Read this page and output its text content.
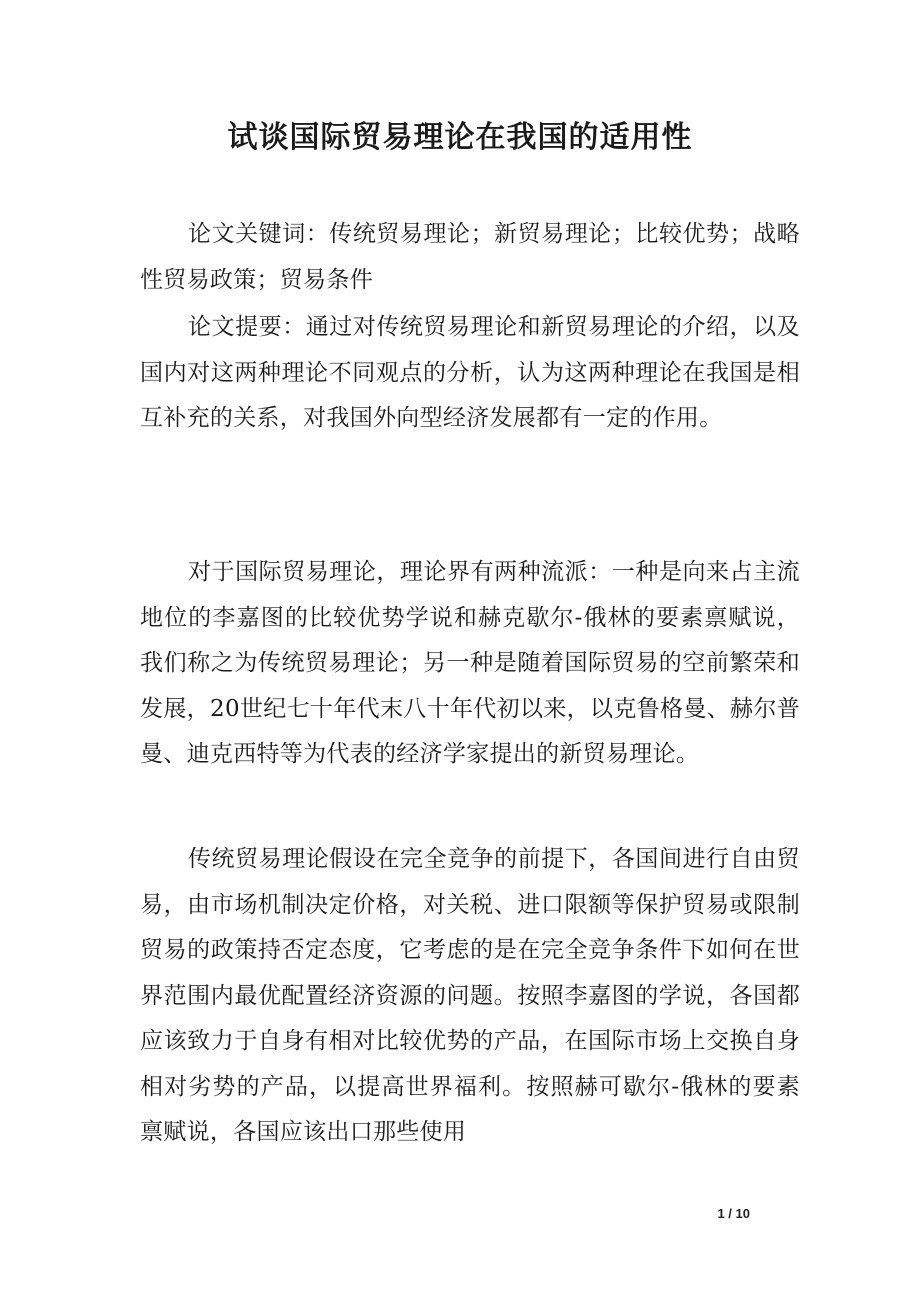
试谈国际贸易理论在我国的适用性

论文关键词：传统贸易理论；新贸易理论；比较优势；战略性贸易政策；贸易条件

论文提要：通过对传统贸易理论和新贸易理论的介绍，以及国内对这两种理论不同观点的分析，认为这两种理论在我国是相互补充的关系，对我国外向型经济发展都有一定的作用。

对于国际贸易理论，理论界有两种流派：一种是向来占主流地位的李嘉图的比较优势学说和赫克歇尔-俄林的要素禀赋说，我们称之为传统贸易理论；另一种是随着国际贸易的空前繁荣和发展，20世纪七十年代末八十年代初以来，以克鲁格曼、赫尔普曼、迪克西特等为代表的经济学家提出的新贸易理论。

传统贸易理论假设在完全竞争的前提下，各国间进行自由贸易，由市场机制决定价格，对关税、进口限额等保护贸易或限制贸易的政策持否定态度，它考虑的是在完全竞争条件下如何在世界范围内最优配置经济资源的问题。按照李嘉图的学说，各国都应该致力于自身有相对比较优势的产品，在国际市场上交换自身相对劣势的产品，以提高世界福利。按照赫可歇尔-俄林的要素禀赋说，各国应该出口那些使用

1 / 10
